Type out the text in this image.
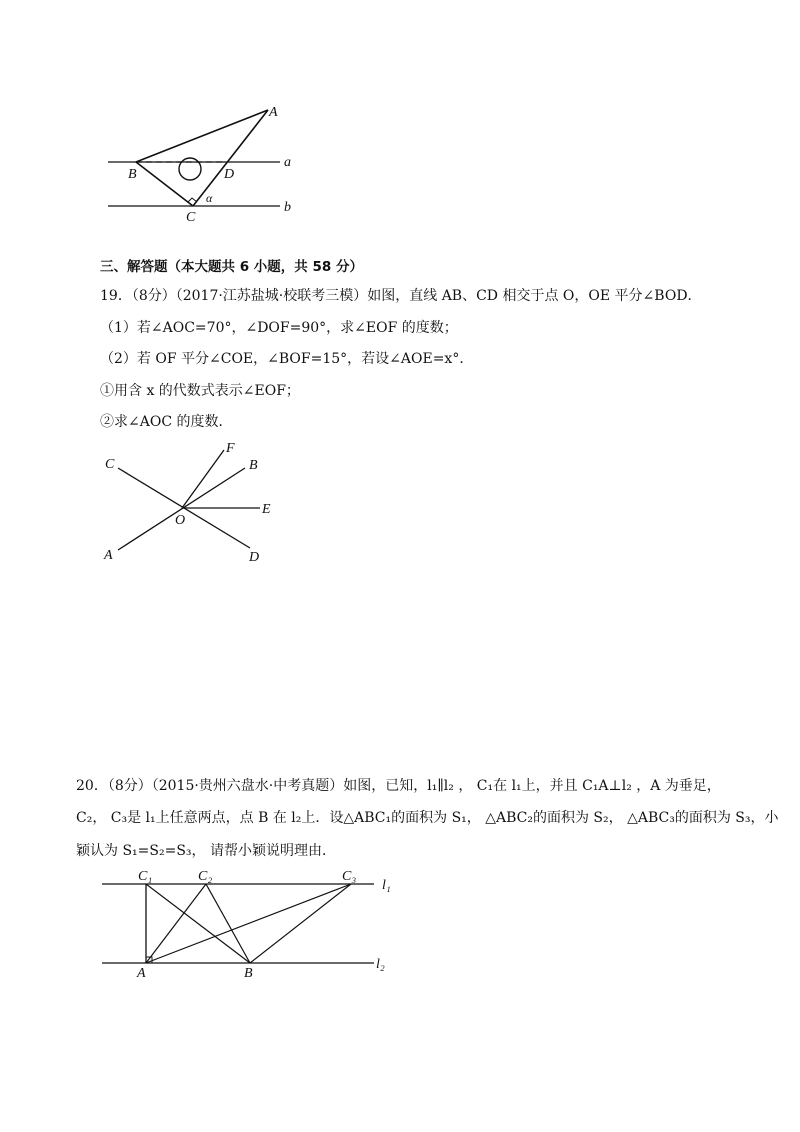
A
B	D
C
a
b
α
三、解答题（本大题共 6 小题，共 58 分）
19．（8分）（2017·江苏盐城·校联考三模）如图，直线 AB、CD 相交于点 O，OE 平分∠BOD．
（1）若∠AOC=70°，∠DOF=90°，求∠EOF 的度数；
（2）若 OF 平分∠COE，∠BOF=15°，若设∠AOE=x°．
①用含 x 的代数式表示∠EOF；
②求∠AOC 的度数．
C
F
B
E
O
A	D
20．（8分）（2015·贵州六盘水·中考真题）如图，已知，l₁∥l₂ ， C₁在 l₁上，并且 C₁A⊥l₂ ，A 为垂足，
C₂， C₃是 l₁上任意两点，点 B 在 l₂上．设△ABC₁的面积为 S₁， △ABC₂的面积为 S₂， △ABC₃的面积为 S₃，小
颖认为 S₁=S₂=S₃， 请帮小颖说明理由．
C₁	C₂	C₃
l₁
l₂
A	B
